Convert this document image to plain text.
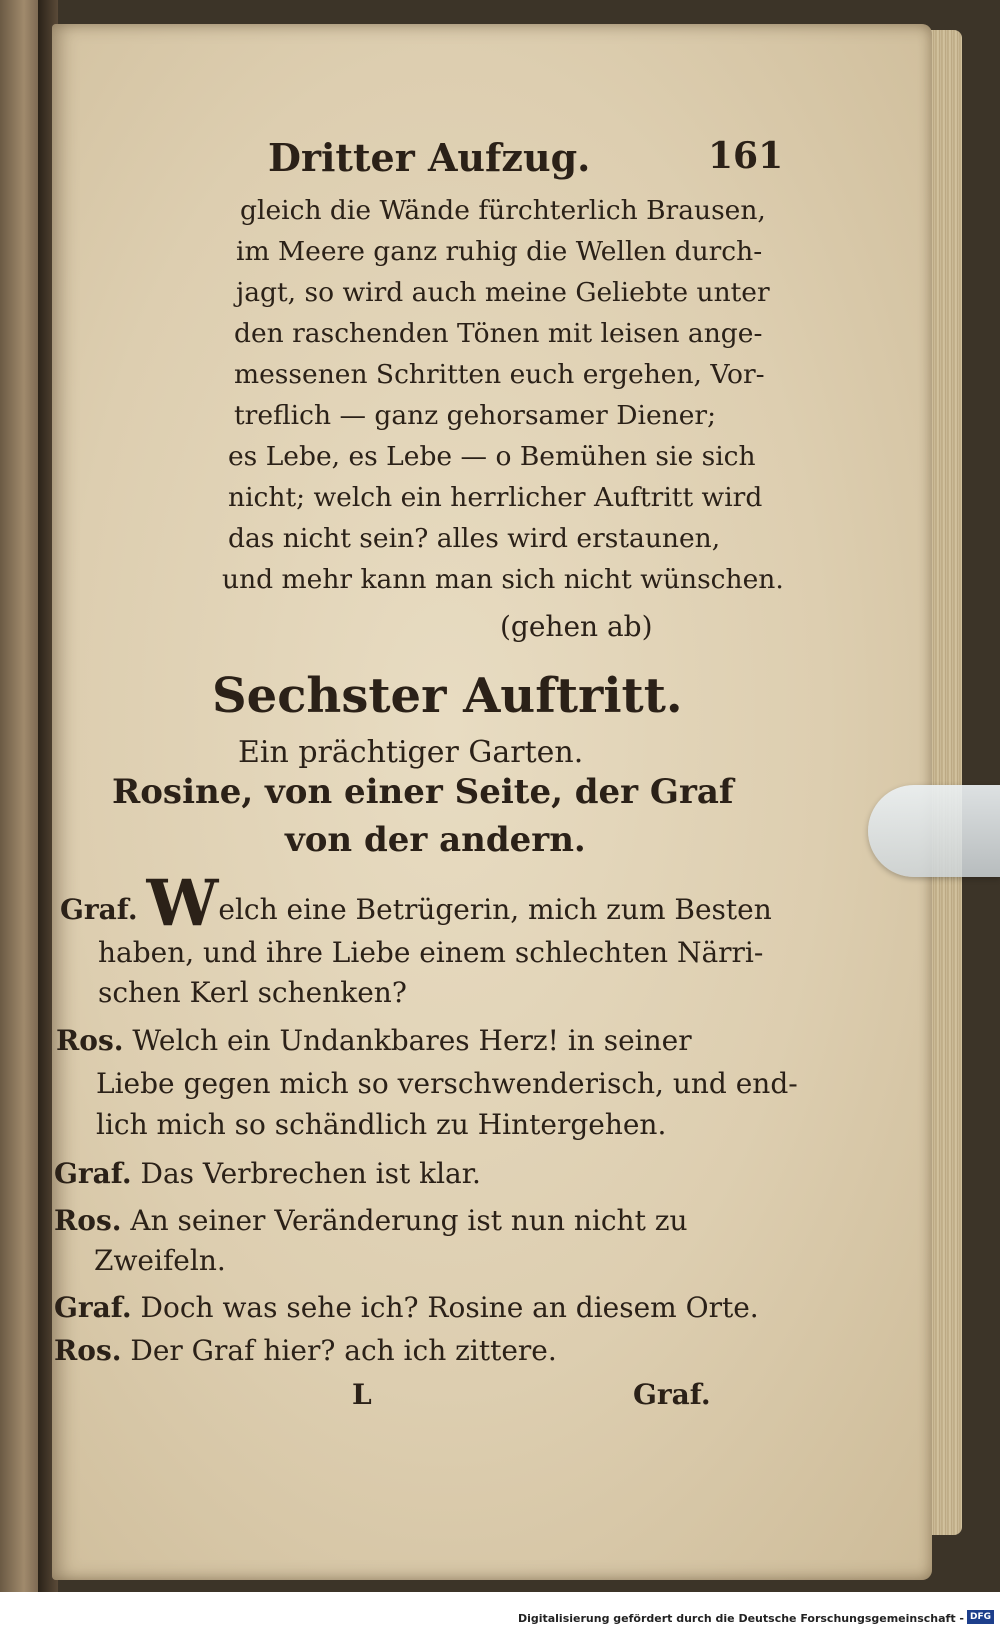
Dritter Aufzug.	161
gleich die Wände fürchterlich Brausen,
im Meere ganz ruhig die Wellen durch-
jagt, so wird auch meine Geliebte unter
den raschenden Tönen mit leisen ange-
messenen Schritten euch ergehen, Vor-
treflich — ganz gehorsamer Diener;
es Lebe, es Lebe — o Bemühen sie sich
nicht; welch ein herrlicher Auftritt wird
das nicht sein? alles wird erstaunen,
und mehr kann man sich nicht wünschen.
(gehen ab)
Sechster Auftritt.
Ein prächtiger Garten.
Rosine, von einer Seite, der Graf
von der andern.
Graf. Welch eine Betrügerin, mich zum Besten
haben, und ihre Liebe einem schlechten Närri-
schen Kerl schenken?
Ros. Welch ein Undankbares Herz! in seiner
Liebe gegen mich so verschwenderisch, und end-
lich mich so schändlich zu Hintergehen.
Graf. Das Verbrechen ist klar.
Ros. An seiner Veränderung ist nun nicht zu
Zweifeln.
Graf. Doch was sehe ich? Rosine an diesem Orte.
Ros. Der Graf hier? ach ich zittere.
L	Graf.
Digitalisierung gefördert durch die Deutsche Forschungsgemeinschaft - DFG
